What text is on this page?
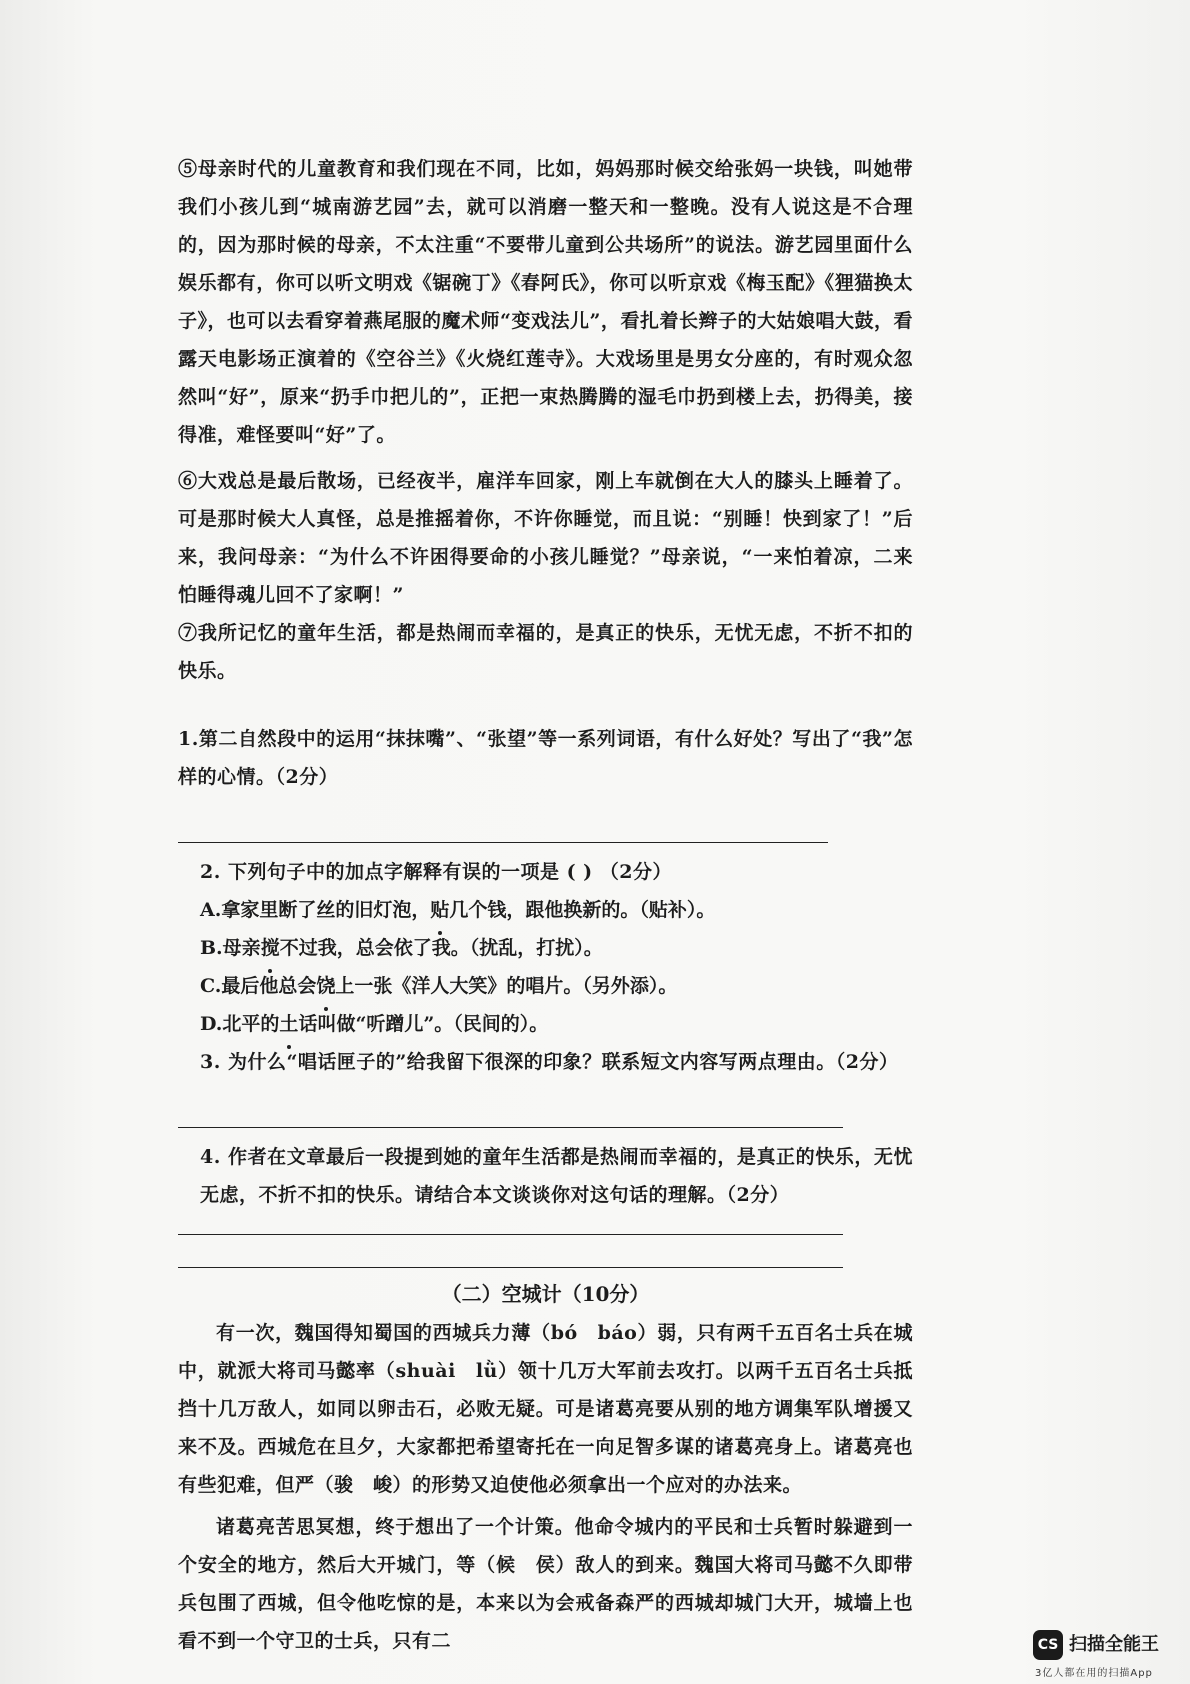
⑤母亲时代的儿童教育和我们现在不同，比如，妈妈那时候交给张妈一块钱，叫她带我们小孩儿到“城南游艺园”去，就可以消磨一整天和一整晚。没有人说这是不合理的，因为那时候的母亲，不太注重“不要带儿童到公共场所”的说法。游艺园里面什么娱乐都有，你可以听文明戏《锯碗丁》《春阿氏》，你可以听京戏《梅玉配》《狸猫换太子》，也可以去看穿着燕尾服的魔术师“变戏法儿”，看扎着长辫子的大姑娘唱大鼓，看露天电影场正演着的《空谷兰》《火烧红莲寺》。大戏场里是男女分座的，有时观众忽然叫“好”，原来“扔手巾把儿的”，正把一束热腾腾的湿毛巾扔到楼上去，扔得美，接得准，难怪要叫“好”了。

⑥大戏总是最后散场，已经夜半，雇洋车回家，刚上车就倒在大人的膝头上睡着了。可是那时候大人真怪，总是推摇着你，不许你睡觉，而且说：“别睡！快到家了！”后来，我问母亲：“为什么不许困得要命的小孩儿睡觉？”母亲说，“一来怕着凉，二来怕睡得魂儿回不了家啊！”

⑦我所记忆的童年生活，都是热闹而幸福的，是真正的快乐，无忧无虑，不折不扣的快乐。

1.第二自然段中的运用“抹抹嘴”、“张望”等一系列词语，有什么好处？写出了“我”怎样的心情。（2分）

2. 下列句子中的加点字解释有误的一项是 ( ) （2分）

A.拿家里断了丝的旧灯泡，贴几个钱，跟他换新的。（贴补）。
B.母亲搅不过我，总会依了我。（扰乱，打扰）。
C.最后他总会饶上一张《洋人大笑》的唱片。（另外添）。
D.北平的土话叫做“听蹭儿”。（民间的）。

3. 为什么“唱话匣子的”给我留下很深的印象？联系短文内容写两点理由。（2分）

4. 作者在文章最后一段提到她的童年生活都是热闹而幸福的，是真正的快乐，无忧无虑，不折不扣的快乐。请结合本文谈谈你对这句话的理解。（2分）

（二）空城计（10分）

有一次，魏国得知蜀国的西城兵力薄（bó　báo）弱，只有两千五百名士兵在城中，就派大将司马懿率（shuài　lǜ）领十几万大军前去攻打。以两千五百名士兵抵挡十几万敌人，如同以卵击石，必败无疑。可是诸葛亮要从别的地方调集军队增援又来不及。西城危在旦夕，大家都把希望寄托在一向足智多谋的诸葛亮身上。诸葛亮也有些犯难，但严（骏　峻）的形势又迫使他必须拿出一个应对的办法来。

诸葛亮苦思冥想，终于想出了一个计策。他命令城内的平民和士兵暂时躲避到一个安全的地方，然后大开城门，等（候　侯）敌人的到来。魏国大将司马懿不久即带兵包围了西城，但令他吃惊的是，本来以为会戒备森严的西城却城门大开，城墙上也看不到一个守卫的士兵，只有二	CS 扫描全能王
3亿人都在用的扫描App
